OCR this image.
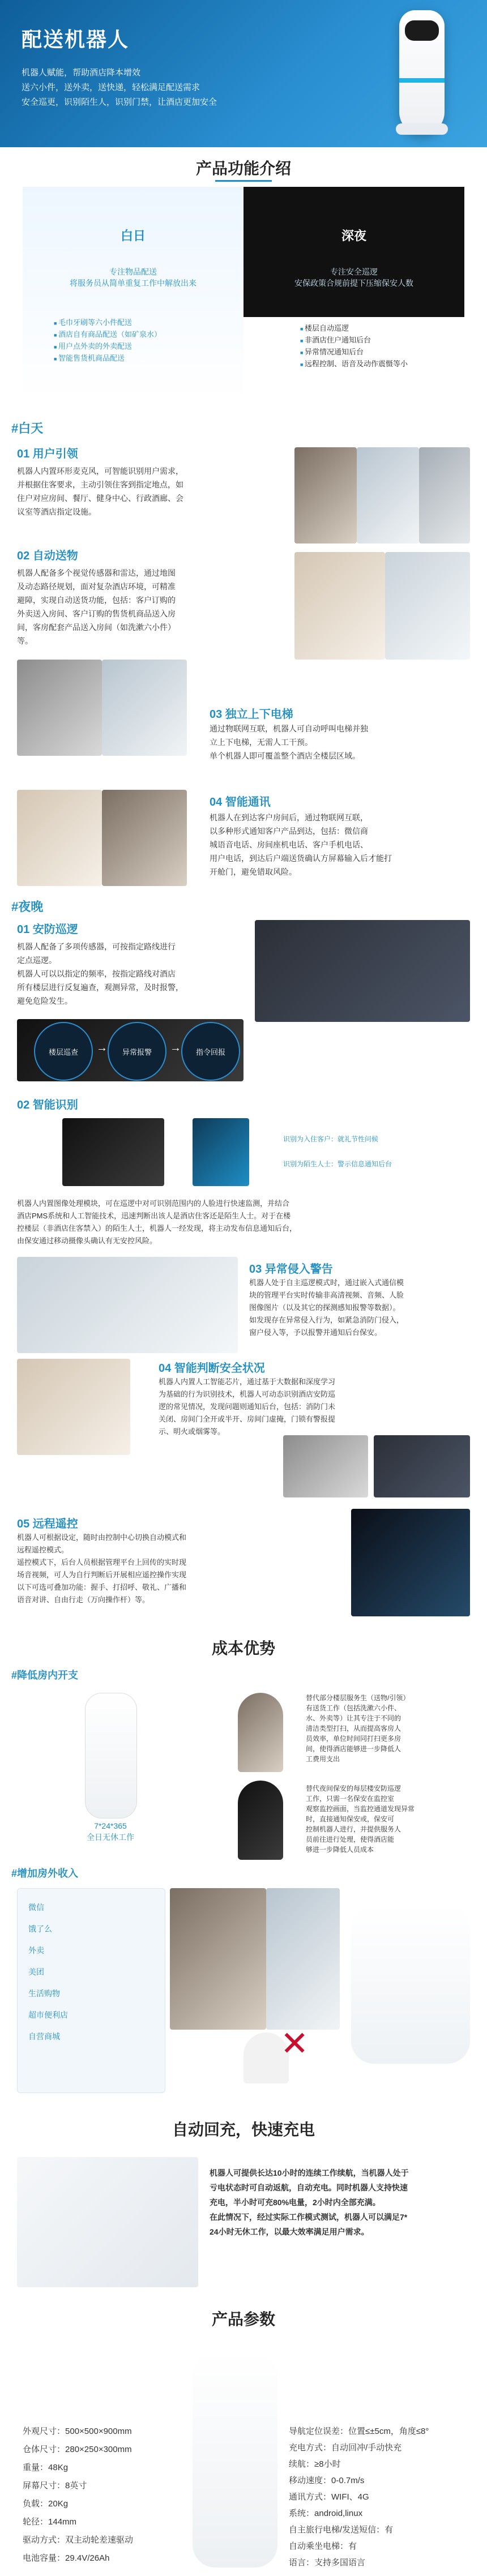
配送机器人
机器人赋能，帮助酒店降本增效
送六小件，送外卖，送快递，轻松满足配送需求
安全巡更，识别陌生人，识别门禁，让酒店更加安全
产品功能介绍
白日
专注物品配送
将服务员从简单重复工作中解放出来
■ 毛巾牙刷等六小件配送
■ 酒店自有商品配送（如矿泉水）
■ 用户点外卖的外卖配送
■ 智能售货机商品配送
深夜
专注安全巡逻
安保政策合规前提下压缩保安人数
■ 楼层自动巡逻
■ 非酒店住户通知后台
■ 异常情况通知后台
■ 远程控制、语音及动作震慑等小
#白天
01 用户引领
机器人内置环形麦克风，可智能识别用户需求，
并根据住客要求，主动引领住客到指定地点，如
住户对应房间、餐厅、健身中心、行政酒廊、会
议室等酒店指定设施。
02 自动送物
机器人配备多个视觉传感器和雷达，通过地图
及动态路径规划，面对复杂酒店环境，可精准
避障，实现自动送货功能，包括：客户订购的
外卖送入房间、客户订购的售货机商品送入房
间，客房配套产品送入房间（如洗漱六小件）
等。
03 独立上下电梯
通过物联网互联，机器人可自动呼叫电梯并独
立上下电梯，无需人工干预。
单个机器人即可覆盖整个酒店全楼层区域。
04 智能通讯
机器人在到达客户房间后，通过物联网互联，
以多种形式通知客户产品到达，包括：微信商
城语音电话、房间座机电话、客户手机电话、
用户电话，到达后户端送货确认方屏幕输入后才能打
开舱门，避免错取风险。
#夜晚
01 安防巡逻
机器人配备了多项传感器，可按指定路线进行
定点巡逻。
机器人可以以指定的频率，按指定路线对酒店
所有楼层进行反复遍查，观测异常，及时报警，
避免危险发生。
楼层巡查	→	异常报警	→	指令回报
02 智能识别
识别为入住客户：就礼节性问候
识别为陌生人士：警示信息通知后台
机器人内置图像处理模块，可在巡逻中对可识别范围内的人脸进行快速监测，并结合
酒店PMS系统和人工智能技术，迅速判断出该人是酒店住客还是陌生人士。对于在楼
控楼层（非酒店住客禁入）的陌生人士，机器人一经发现，将主动发布信息通知后台，
由保安通过移动摄像头确认有无安控风险。
03 异常侵入警告
机器人处于自主巡逻模式时，通过嵌入式通信模
块的管理平台实时传输非高清视频、音频、人脸
图像图片（以及其它的探测感知报警等数据）。
如发现存在异常侵入行为，如紧急消防门侵入，
窗户侵入等，予以报警并通知后台保安。
04 智能判断安全状况
机器人内置人工智能芯片，通过基于大数据和深度学习
为基础的行为识别技术，机器人可动态识别酒店安防巡
逻的常见情况，发现问题则通知后台，包括：消防门未
关闭、房间门全开或半开、房间门虚掩，门锁有警报提
示、明火或烟雾等。
05 远程遥控
机器人可根据设定，随时由控制中心切换自动模式和
远程遥控模式。
遥控模式下，后台人员根据管理平台上回传的实时现
场音视频，可人为自行判断后开展相应遥控操作实现
以下可选可叠加功能：握手、打招呼、敬礼、广播和
语音对讲、自由行走（万向操作杆）等。
成本优势
#降低房内开支
7*24*365
全日无休工作
替代部分楼层服务生（送物/引领）
有送货工作（包括洗漱六小件、
水、外卖等）让其专注于不同的
清洁类型打扫，从而提高客房人
员效率，单位时间同打扫更多房
间，使得酒店能够进一步降低人
工费用支出
替代夜间保安的每层楼安防巡逻
工作，只需一名保安在监控室
观察监控画面，当监控通道发现异常
时，直接通知保安或，保安可
控制机器人进行，并提供服务人
员前往进行处理，使得酒店能
够进一步降低人员成本
#增加房外收入
微信
饿了么
外卖
美团
生活购物
超市便利店
自营商城	✕
自动回充，快速充电
机器人可提供长达10小时的连续工作续航，当机器人处于
亏电状态时可自动返航，自动充电。同时机器人支持快速
充电，半小时可充80%电量，2小时内全部充满。
在此情况下，经过实际工作模式测试，机器人可以满足7*
24小时无休工作，以最大效率满足用户需求。
产品参数
外观尺寸：500×500×900mm
仓体尺寸：280×250×300mm
重量：48Kg
屏幕尺寸：8英寸
负载：20Kg
轮径：144mm
驱动方式：双主动轮差速驱动
电池容量：29.4V/26Ah
导航定位误差：位置≤±5cm，角度≤8°
充电方式：自动回冲/手动快充
续航：≥8小时
移动速度：0-0.7m/s
通讯方式：WIFI、4G
系统：android,linux
自主旅行电梯/发送短信：有
自动乘坐电梯：有
语言：支持多国语言
